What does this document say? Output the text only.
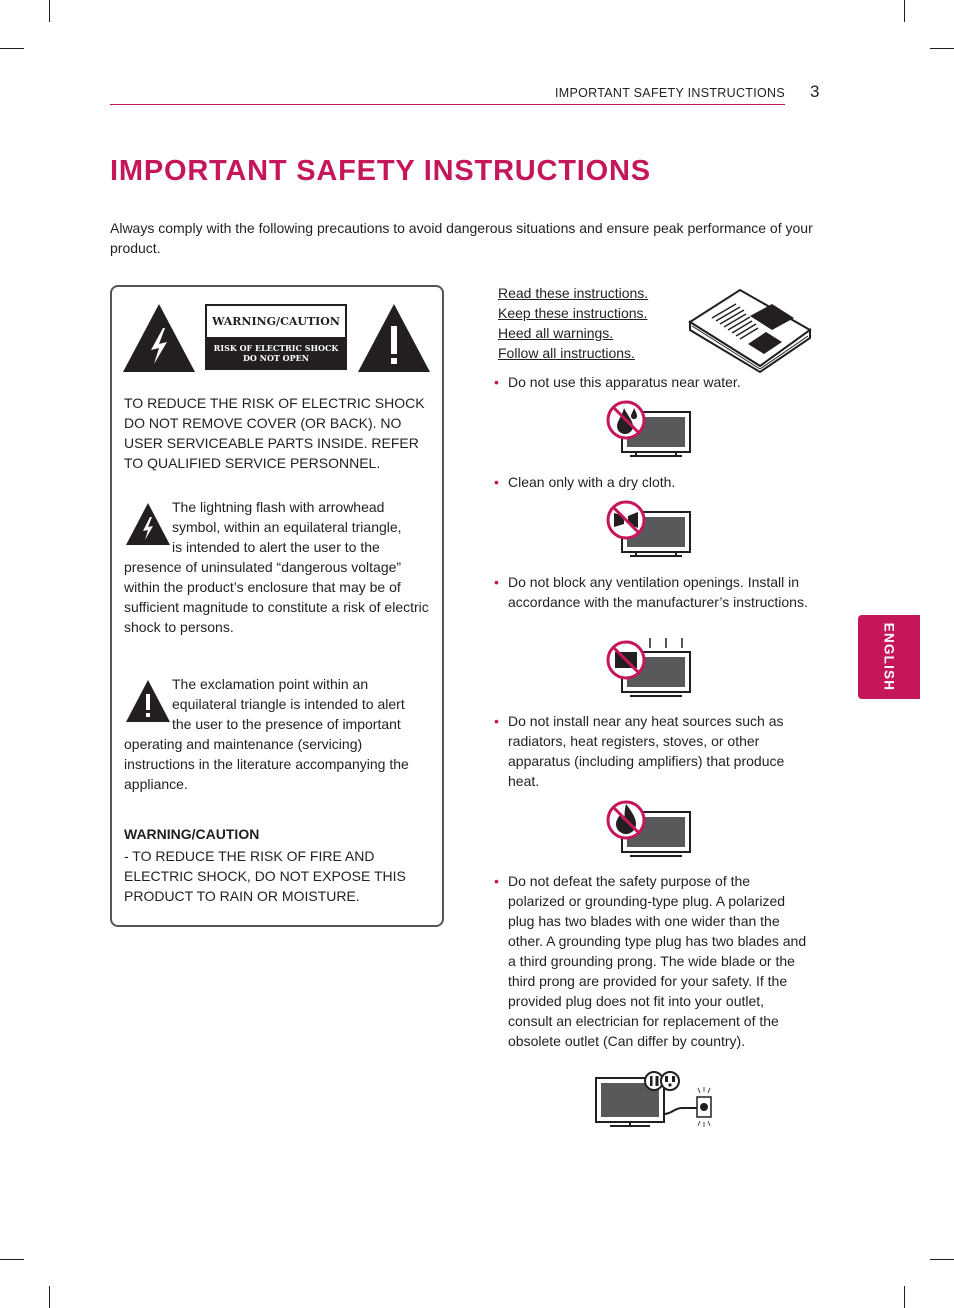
IMPORTANT SAFETY INSTRUCTIONS 3
IMPORTANT SAFETY INSTRUCTIONS
Always comply with the following precautions to avoid dangerous situations and ensure peak performance of your product.
WARNING/CAUTION
RISK OF ELECTRIC SHOCK
DO NOT OPEN
TO REDUCE THE RISK OF ELECTRIC SHOCK DO NOT REMOVE COVER (OR BACK). NO USER SERVICEABLE PARTS INSIDE. REFER TO QUALIFIED SERVICE PERSONNEL.
The lightning flash with arrowhead
symbol, within an equilateral triangle,
is intended to alert the user to the
presence of uninsulated “dangerous voltage” within the product’s enclosure that may be of sufficient magnitude to constitute a risk of electric shock to persons.
The exclamation point within an
equilateral triangle is intended to alert
the user to the presence of important
operating and maintenance (servicing) instructions in the literature accompanying the appliance.
WARNING/CAUTION
- TO REDUCE THE RISK OF FIRE AND ELECTRIC SHOCK, DO NOT EXPOSE THIS PRODUCT TO RAIN OR MOISTURE.
Read these instructions.
Keep these instructions.
Heed all warnings.
Follow all instructions.
• Do not use this apparatus near water.
• Clean only with a dry cloth.
• Do not block any ventilation openings. Install in accordance with the manufacturer’s instructions.
• Do not install near any heat sources such as radiators, heat registers, stoves, or other apparatus (including amplifiers) that produce heat.
• Do not defeat the safety purpose of the polarized or grounding-type plug. A polarized plug has two blades with one wider than the other. A grounding type plug has two blades and a third grounding prong. The wide blade or the third prong are provided for your safety. If the provided plug does not fit into your outlet, consult an electrician for replacement of the obsolete outlet (Can differ by country).
ENGLISH
